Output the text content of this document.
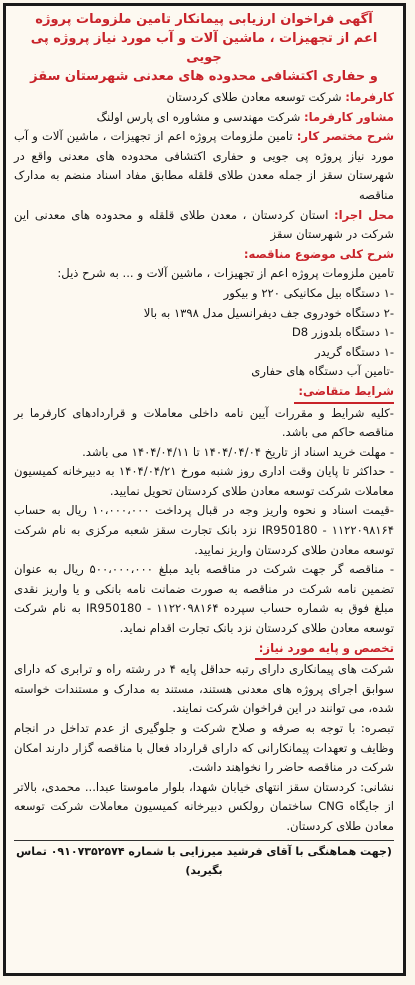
آگهی فراخوان ارزیابی پیمانکار تامین ملزومات پروژه
اعم از تجهیزات ، ماشین آلات و آب مورد نیاز پروژه پی جویی
و حفاری اکتشافی محدوده های معدنی شهرستان سقز

کارفرما: شرکت توسعه معادن طلای کردستان

مشاور کارفرما: شرکت مهندسی و مشاوره ای پارس اولنگ

شرح مختصر کار: تامین ملزومات پروژه اعم از تجهیزات ، ماشین آلات و آب مورد نیاز پروژه پی جویی و حفاری اکتشافی محدوده های معدنی واقع در شهرستان سقز از جمله معدن طلای قلقله مطابق مفاد اسناد منضم به مدارک مناقصه

محل اجرا: استان کردستان ، معدن طلای قلقله و محدوده های معدنی این شرکت در شهرستان سقز

شرح کلی موضوع مناقصه:

تامین ملزومات پروژه اعم از تجهیزات ، ماشین آلات و ... به شرح ذیل:

-۱ دستگاه بیل مکانیکی ۲۲۰ و بیکور
-۲ دستگاه خودروی جف دیفرانسیل مدل ۱۳۹۸ به بالا
-۱ دستگاه بلدوزر D8
-۱ دستگاه گریدر
-تامین آب دستگاه های حفاری
شرایط متقاضی:

-کلیه شرایط و مقررات آیین نامه داخلی معاملات و قراردادهای کارفرما بر مناقصه حاکم می باشد.

- مهلت خرید اسناد از تاریخ ۱۴۰۴/۰۴/۰۴ تا ۱۴۰۴/۰۴/۱۱ می باشد.

- حداکثر تا پایان وقت اداری روز شنبه مورخ ۱۴۰۴/۰۴/۲۱ به دبیرخانه کمیسیون معاملات شرکت توسعه معادن طلای کردستان تحویل نمایید.

-قیمت اسناد و نحوه واریز وجه در قبال پرداخت ۱۰،۰۰۰،۰۰۰ ریال به حساب ۱۱۲۲۰۹۸۱۶۴ - IR950180 نزد بانک تجارت سقز شعبه مرکزی به نام شرکت توسعه معادن طلای کردستان واریز نمایید.

- مناقصه گر جهت شرکت در مناقصه باید مبلغ ۵۰۰،۰۰۰،۰۰۰ ریال به عنوان تضمین نامه شرکت در مناقصه به صورت ضمانت نامه بانکی و یا واریز نقدی مبلغ فوق به شماره حساب سپرده ۱۱۲۲۰۹۸۱۶۴ - IR950180 به نام شرکت توسعه معادن طلای کردستان نزد بانک تجارت اقدام نماید.

تخصص و پایه مورد نیاز:

شرکت های پیمانکاری دارای رتبه حداقل پایه ۴ در رشته راه و ترابری که دارای سوابق اجرای پروژه های معدنی هستند، مستند به مدارک و مستندات خواسته شده، می توانند در این فراخوان شرکت نمایند.

تبصره: با توجه به صرفه و صلاح شرکت و جلوگیری از عدم تداخل در انجام وظایف و تعهدات پیمانکارانی که دارای قرارداد فعال با مناقصه گزار دارند امکان شرکت در مناقصه حاضر را نخواهند داشت.

نشانی: کردستان سقز انتهای خیابان شهدا، بلوار ماموستا عبدا... محمدی، بالاتر از جایگاه CNG ساختمان رولکس دبیرخانه کمیسیون معاملات شرکت توسعه معادن طلای کردستان.

(جهت هماهنگی با آقای فرشید میرزایی با شماره ۰۹۱۰۷۳۵۲۵۷۴ تماس بگیرید)
